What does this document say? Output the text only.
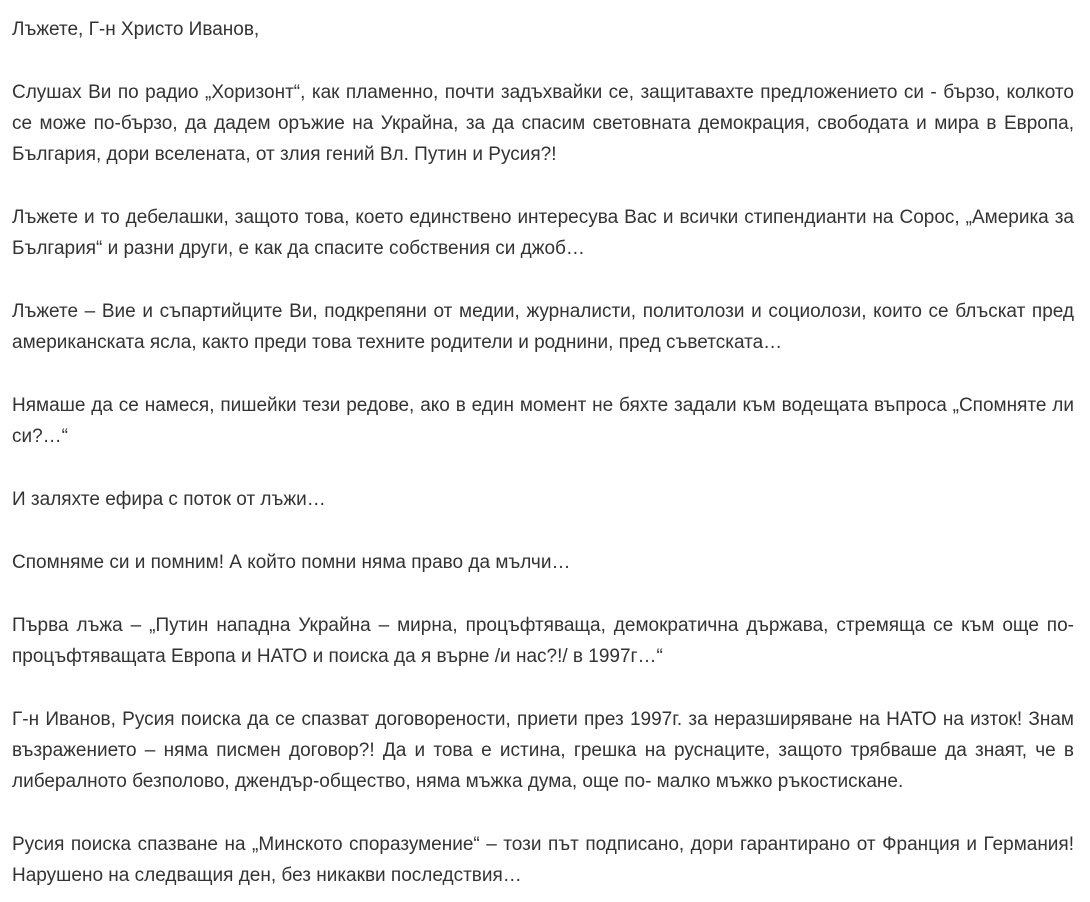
Лъжете, Г-н Христо Иванов,

Слушах Ви по радио „Хоризонт“, как пламенно, почти задъхвайки се, защитавахте предложението си - бързо, колкото се може по-бързо, да дадем оръжие на Украйна, за да спасим световната демокрация, свободата и мира в Европа, България, дори вселената, от злия гений Вл. Путин и Русия?!

Лъжете и то дебелашки, защото това, което единствено интересува Вас и всички стипендианти на Сорос, „Америка за България“ и разни други, е как да спасите собствения си джоб…

Лъжете – Вие и съпартийците Ви, подкрепяни от медии, журналисти, политолози и социолози, които се блъскат пред американската ясла, както преди това техните родители и роднини, пред съветската…

Нямаше да се намеся, пишейки тези редове, ако в един момент не бяхте задали към водещата въпроса „Спомняте ли си?…“

И заляхте ефира с поток от лъжи…

Спомняме си и помним! А който помни няма право да мълчи…

Първа лъжа – „Путин нападна Украйна – мирна, процъфтяваща, демократична държава, стремяща се към още по-процъфтяващата Европа и НАТО и поиска да я върне /и нас?!/ в 1997г…“

Г-н Иванов, Русия поиска да се спазват договорености, приети през 1997г. за неразширяване на НАТО на изток! Знам възражението – няма писмен договор?! Да и това е истина, грешка на руснаците, защото трябваше да знаят, че в либералното безполово, джендър-общество, няма мъжка дума, още по- малко мъжко ръкостискане.

Русия поиска спазване на „Минското споразумение“ – този път подписано, дори гарантирано от Франция и Германия! Нарушено на следващия ден, без никакви последствия…
